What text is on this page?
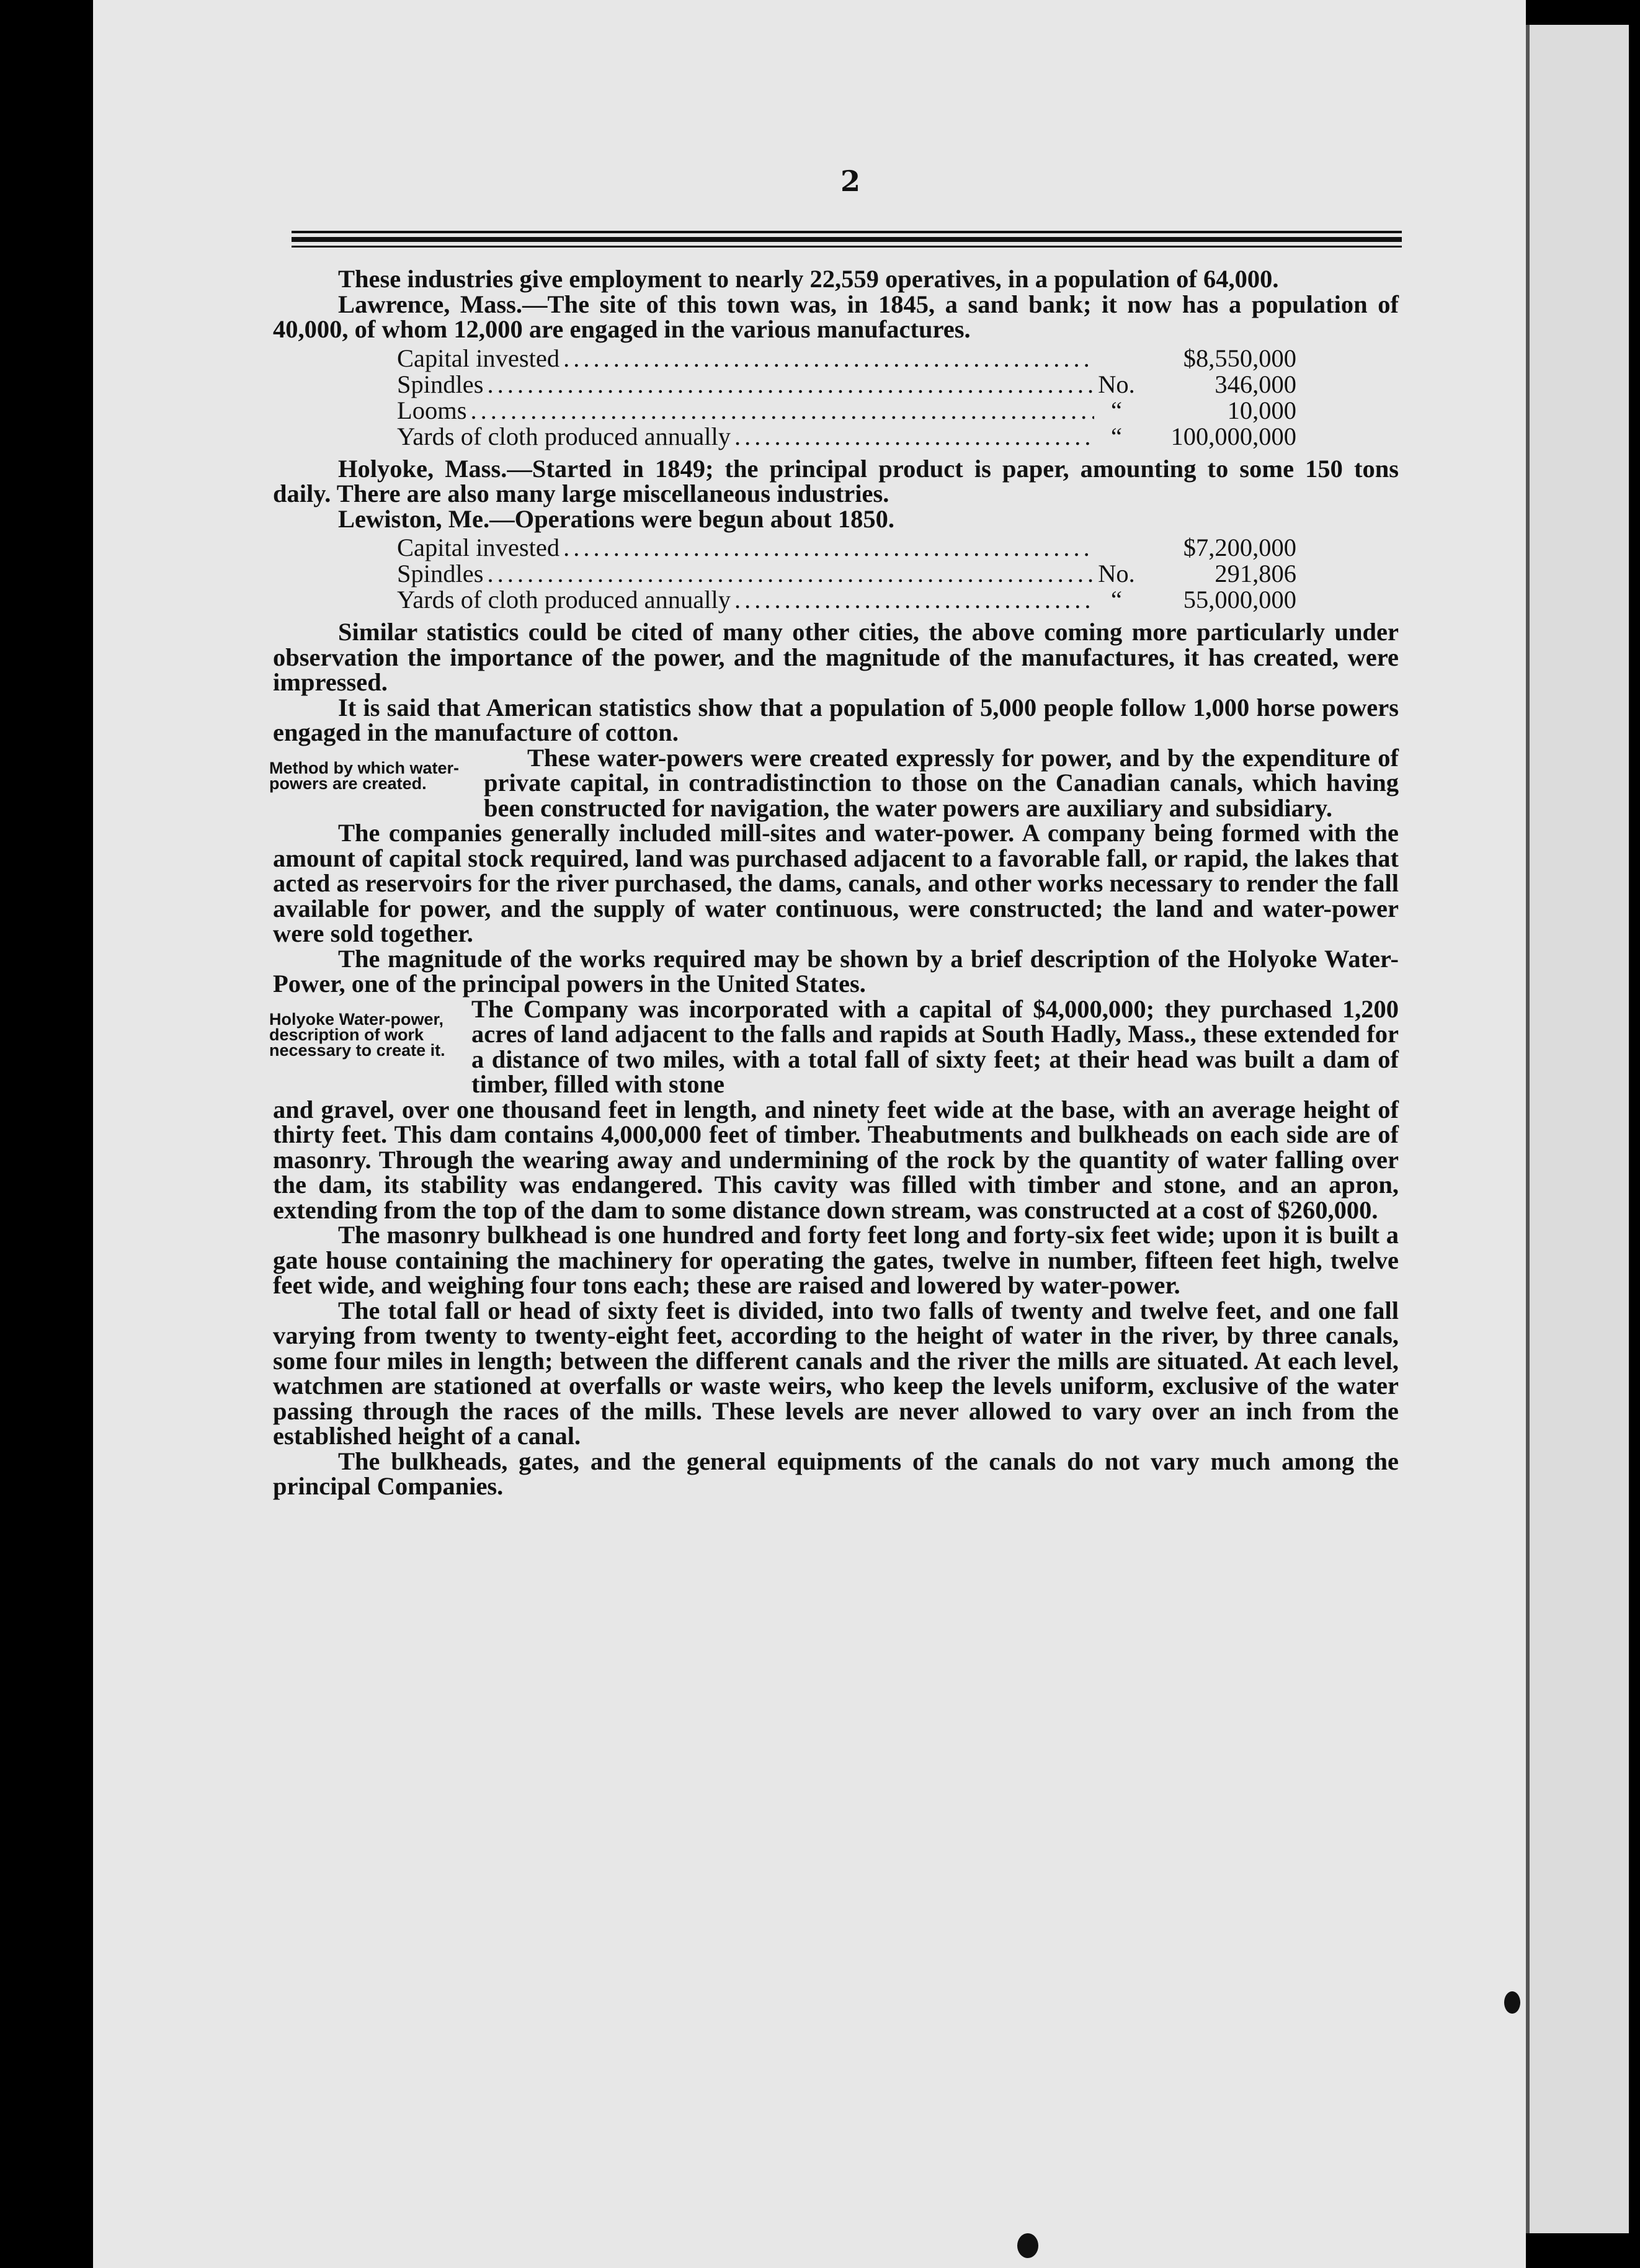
2

These industries give employment to nearly 22,559 operatives, in a population of 64,000.

Lawrence, Mass.—The site of this town was, in 1845, a sand bank; it now has a population of 40,000, of whom 12,000 are engaged in the various manufactures.

Capital invested .....	$8,550,000
Spindles .....	No.	346,000
Looms .....	“	10,000
Yards of cloth produced annually .....	“	100,000,000

Holyoke, Mass.—Started in 1849; the principal product is paper, amounting to some 150 tons daily. There are also many large miscellaneous industries.

Lewiston, Me.—Operations were begun about 1850.

Capital invested .....	$7,200,000
Spindles .....	No.	291,806
Yards of cloth produced annually .....	“	55,000,000

Similar statistics could be cited of many other cities, the above coming more particularly under observation the importance of the power, and the magnitude of the manufactures, it has created, were impressed.

It is said that American statistics show that a population of 5,000 people follow 1,000 horse powers engaged in the manufacture of cotton.

Method by which water-powers are created.

These water-powers were created expressly for power, and by the expenditure of private capital, in contradistinction to those on the Canadian canals, which having been constructed for navigation, the water powers are auxiliary and subsidiary.

The companies generally included mill-sites and water-power. A company being formed with the amount of capital stock required, land was purchased adjacent to a favorable fall, or rapid, the lakes that acted as reservoirs for the river purchased, the dams, canals, and other works necessary to render the fall available for power, and the supply of water continuous, were constructed; the land and water-power were sold together.

The magnitude of the works required may be shown by a brief description of the Holyoke Water-Power, one of the principal powers in the United States.

Holyoke Water-power, description of work necessary to create it.

The Company was incorporated with a capital of $4,000,000; they purchased 1,200 acres of land adjacent to the falls and rapids at South Hadly, Mass., these extended for a distance of two miles, with a total fall of sixty feet; at their head was built a dam of timber, filled with stone

and gravel, over one thousand feet in length, and ninety feet wide at the base, with an average height of thirty feet. This dam contains 4,000,000 feet of timber. Theabutments and bulkheads on each side are of masonry. Through the wearing away and undermining of the rock by the quantity of water falling over the dam, its stability was endangered. This cavity was filled with timber and stone, and an apron, extending from the top of the dam to some distance down stream, was constructed at a cost of $260,000.

The masonry bulkhead is one hundred and forty feet long and forty-six feet wide; upon it is built a gate house containing the machinery for operating the gates, twelve in number, fifteen feet high, twelve feet wide, and weighing four tons each; these are raised and lowered by water-power.

The total fall or head of sixty feet is divided, into two falls of twenty and twelve feet, and one fall varying from twenty to twenty-eight feet, according to the height of water in the river, by three canals, some four miles in length; between the different canals and the river the mills are situated. At each level, watchmen are stationed at overfalls or waste weirs, who keep the levels uniform, exclusive of the water passing through the races of the mills. These levels are never allowed to vary over an inch from the established height of a canal.

The bulkheads, gates, and the general equipments of the canals do not vary much among the principal Companies.
